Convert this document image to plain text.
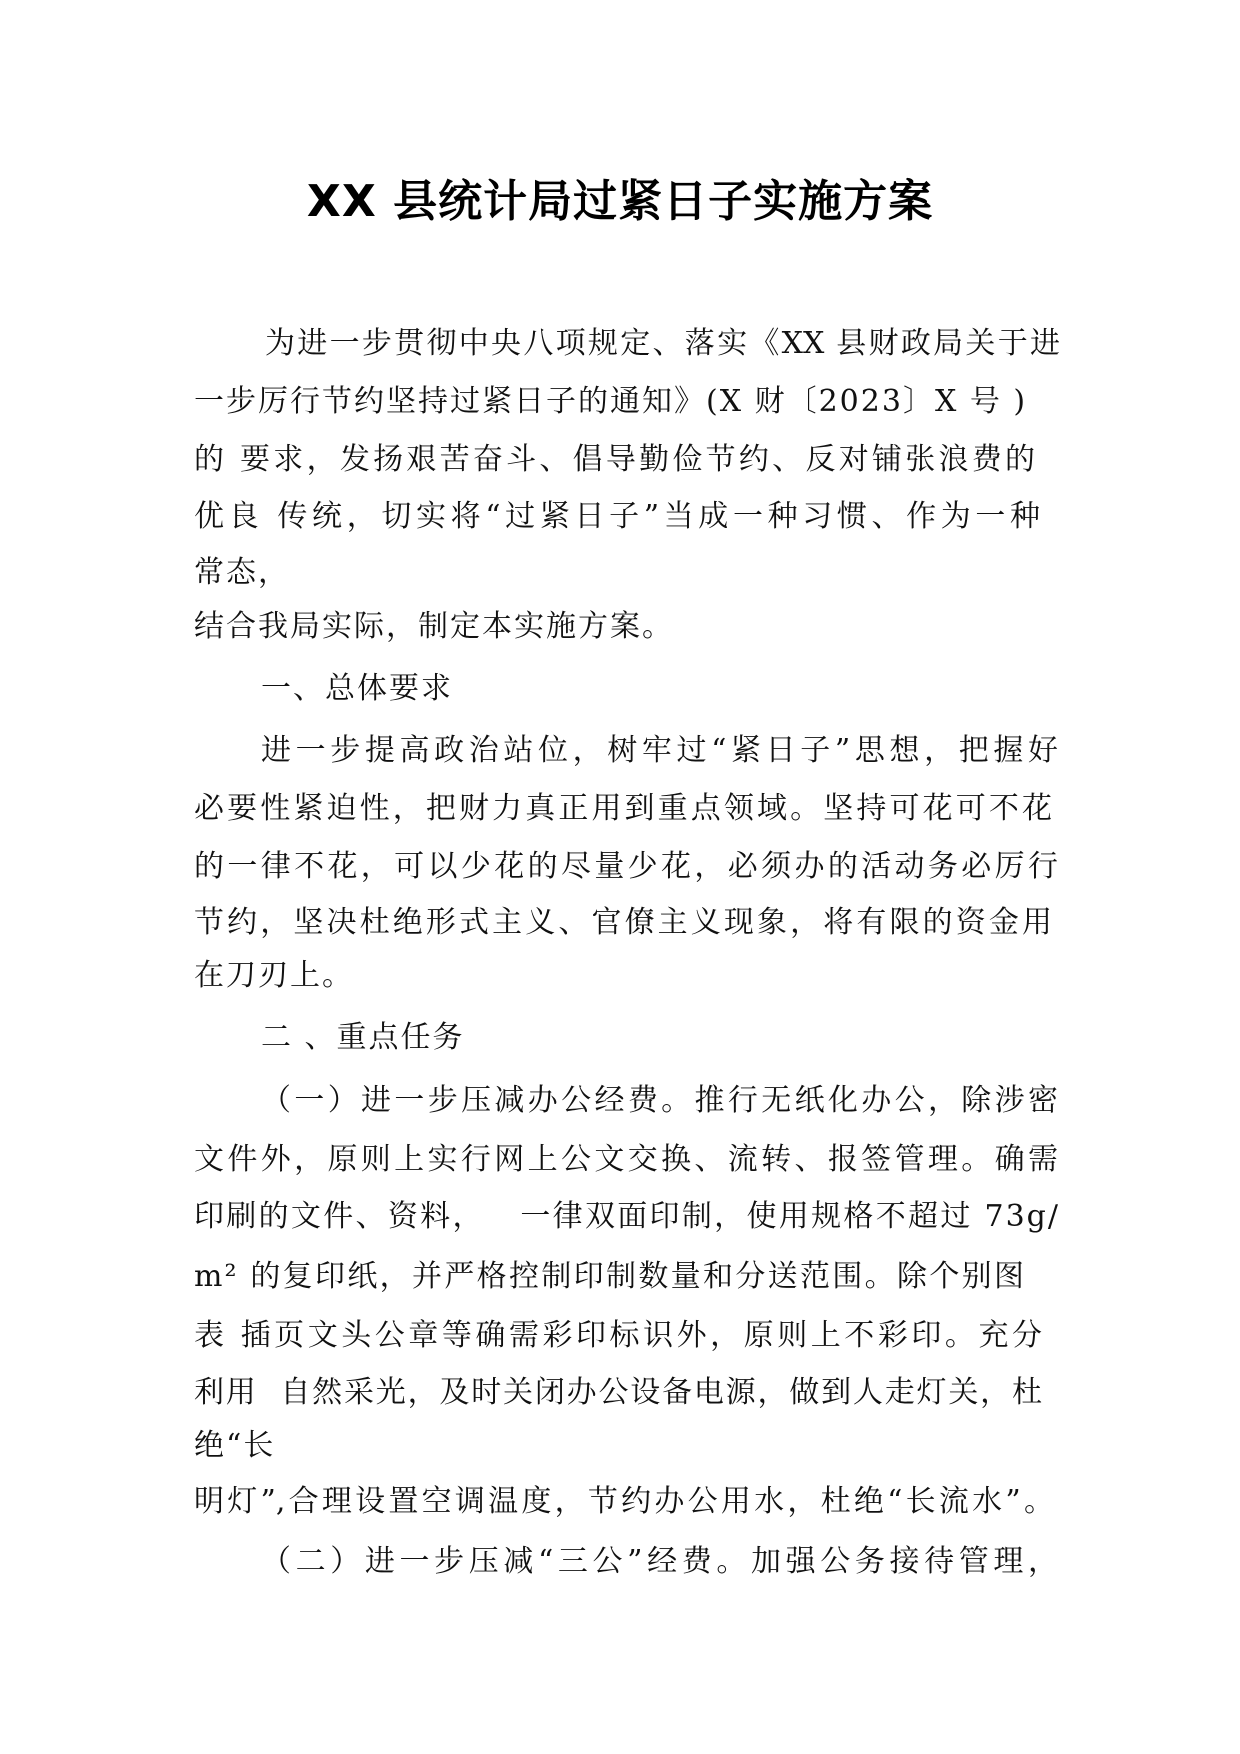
XX 县统计局过紧日子实施方案
为进一步贯彻中央八项规定、落实《XX 县财政局关于进
一步厉行节约坚持过紧日子的通知》(X 财〔2023〕X 号 )
的 要求，发扬艰苦奋斗、倡导勤俭节约、反对铺张浪费的
优良 传统，切实将“过紧日子”当成一种习惯、作为一种
常态，
结合我局实际，制定本实施方案。
一、总体要求
进一步提高政治站位，树牢过“紧日子”思想，把握好
必要性紧迫性，把财力真正用到重点领域。坚持可花可不花
的一律不花，可以少花的尽量少花，必须办的活动务必厉行
节约，坚决杜绝形式主义、官僚主义现象，将有限的资金用
在刀刃上。
二 、重点任务
（一）进一步压减办公经费。推行无纸化办公，除涉密
文件外，原则上实行网上公文交换、流转、报签管理。确需
印刷的文件、资料，   一律双面印制，使用规格不超过 73g/
m² 的复印纸，并严格控制印制数量和分送范围。除个别图
表 插页文头公章等确需彩印标识外，原则上不彩印。充分
利用  自然采光，及时关闭办公设备电源，做到人走灯关，杜
绝“长
明灯”,合理设置空调温度，节约办公用水，杜绝“长流水”。
（二）进一步压减“三公”经费。加强公务接待管理，
